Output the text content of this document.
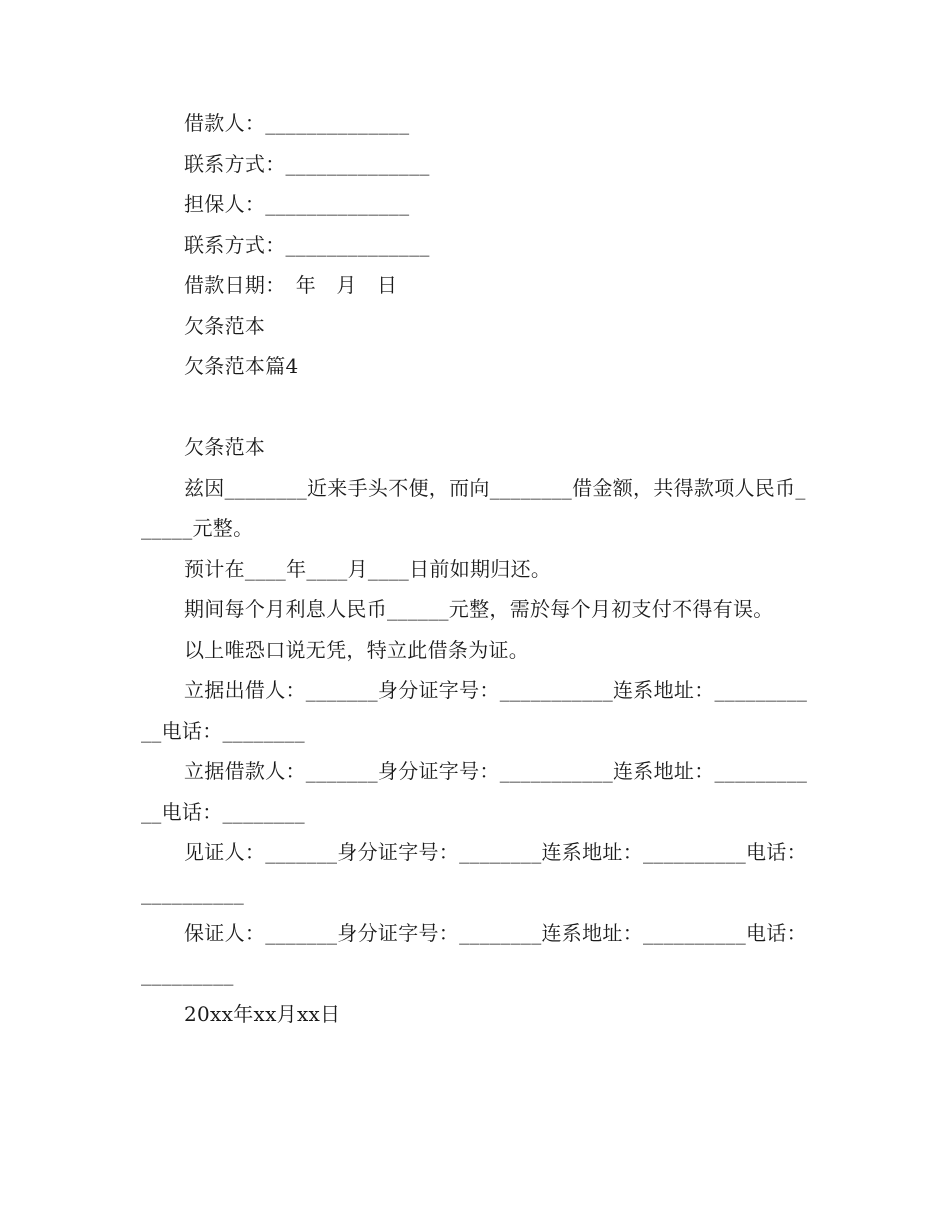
借款人：______________

联系方式：______________

担保人：______________

联系方式：______________

借款日期：　年　月　日

欠条范本

欠条范本篇4

欠条范本

兹因________近来手头不便，而向________借金额，共得款项人民币______元整。

预计在____年____月____日前如期归还。

期间每个月利息人民币______元整，需於每个月初支付不得有误。

以上唯恐口说无凭，特立此借条为证。

立据出借人：_______身分证字号：___________连系地址：___________电话：________

立据借款人：_______身分证字号：___________连系地址：___________电话：________

见证人：_______身分证字号：________连系地址：__________电话：__________

保证人：_______身分证字号：________连系地址：__________电话：_________

20xx年xx月xx日
